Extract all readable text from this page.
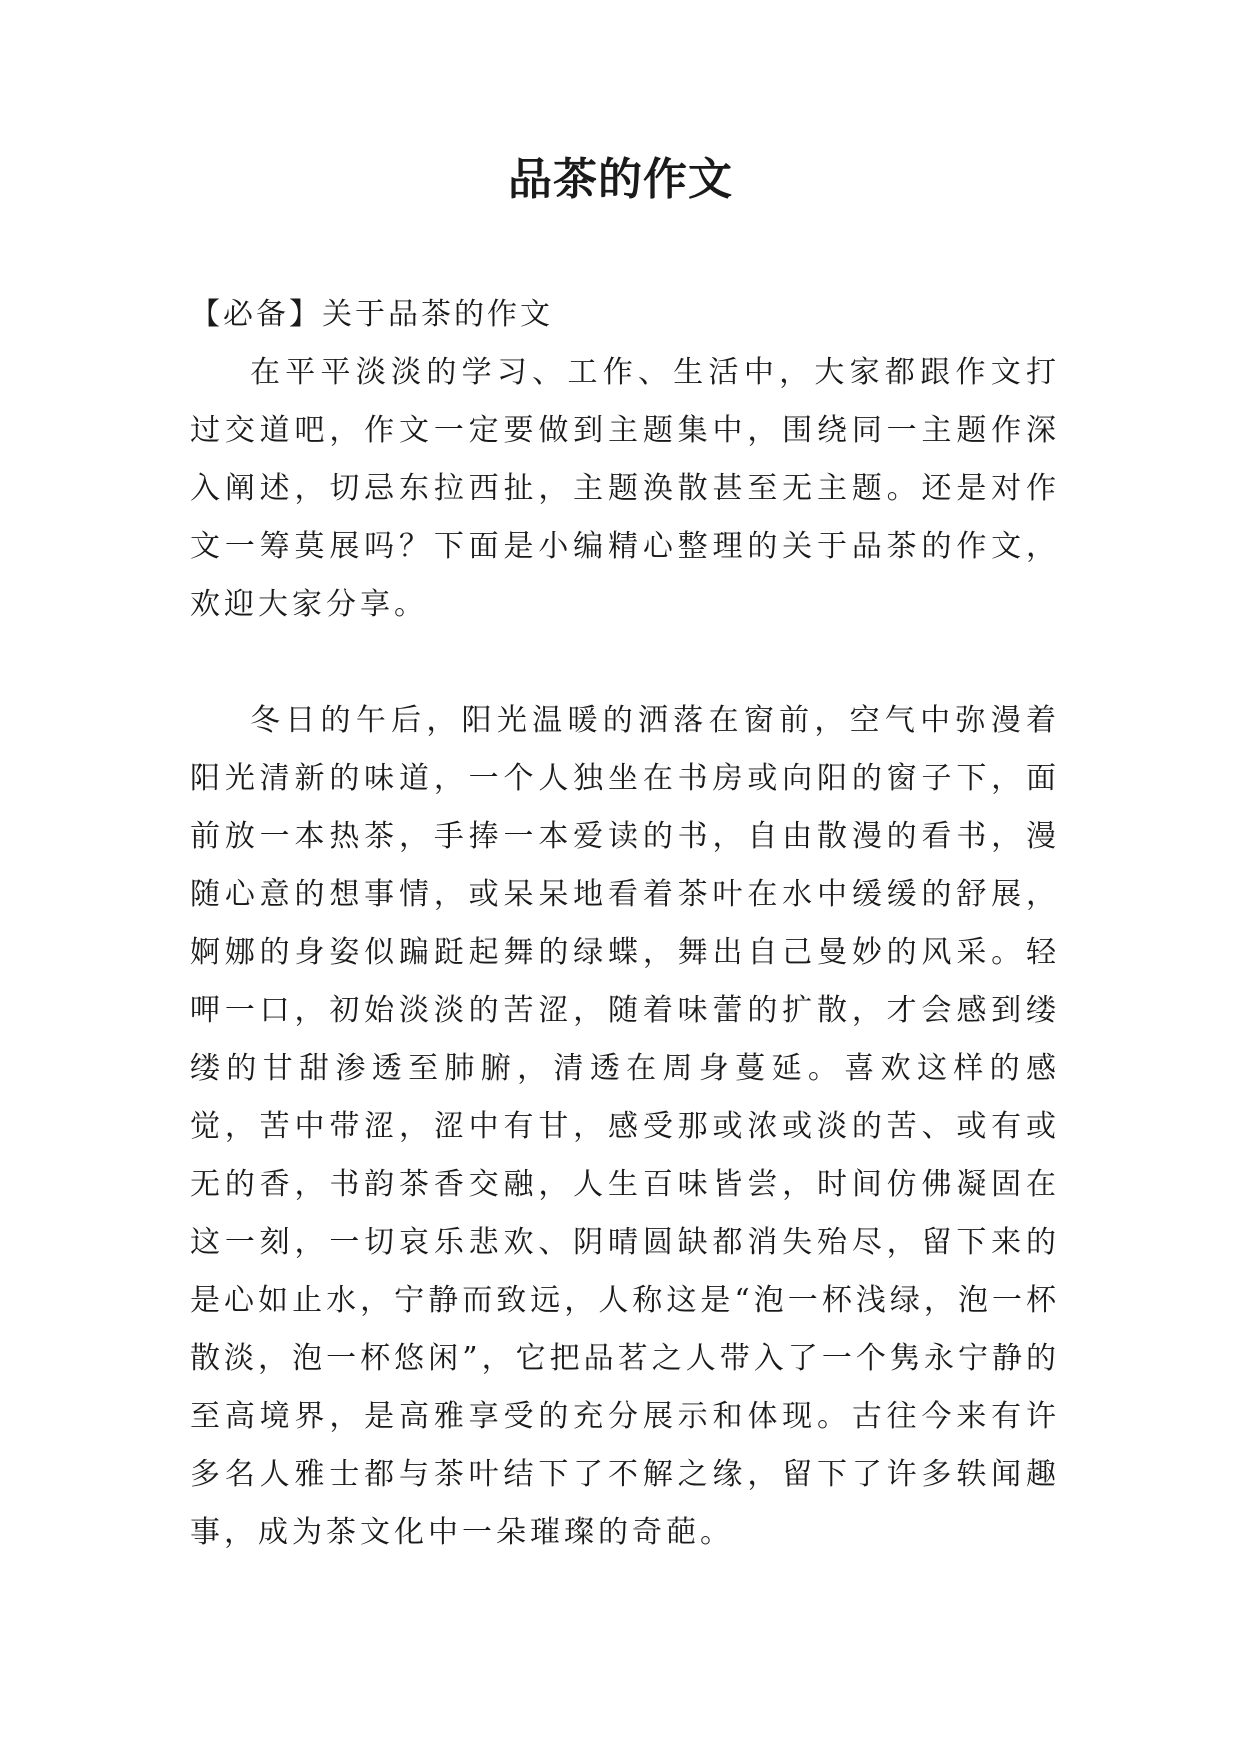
品茶的作文

【必备】关于品茶的作文

在平平淡淡的学习、工作、生活中，大家都跟作文打过交道吧，作文一定要做到主题集中，围绕同一主题作深入阐述，切忌东拉西扯，主题涣散甚至无主题。还是对作文一筹莫展吗？下面是小编精心整理的关于品茶的作文，欢迎大家分享。

冬日的午后，阳光温暖的洒落在窗前，空气中弥漫着阳光清新的味道，一个人独坐在书房或向阳的窗子下，面前放一本热茶，手捧一本爱读的书，自由散漫的看书，漫随心意的想事情，或呆呆地看着茶叶在水中缓缓的舒展，婀娜的身姿似蹁跹起舞的绿蝶，舞出自己曼妙的风采。轻呷一口，初始淡淡的苦涩，随着味蕾的扩散，才会感到缕缕的甘甜渗透至肺腑，清透在周身蔓延。喜欢这样的感觉，苦中带涩，涩中有甘，感受那或浓或淡的苦、或有或无的香，书韵茶香交融，人生百味皆尝，时间仿佛凝固在这一刻，一切哀乐悲欢、阴晴圆缺都消失殆尽，留下来的是心如止水，宁静而致远，人称这是“泡一杯浅绿，泡一杯散淡，泡一杯悠闲”，它把品茗之人带入了一个隽永宁静的至高境界，是高雅享受的充分展示和体现。古往今来有许多名人雅士都与茶叶结下了不解之缘，留下了许多轶闻趣事，成为茶文化中一朵璀璨的奇葩。
